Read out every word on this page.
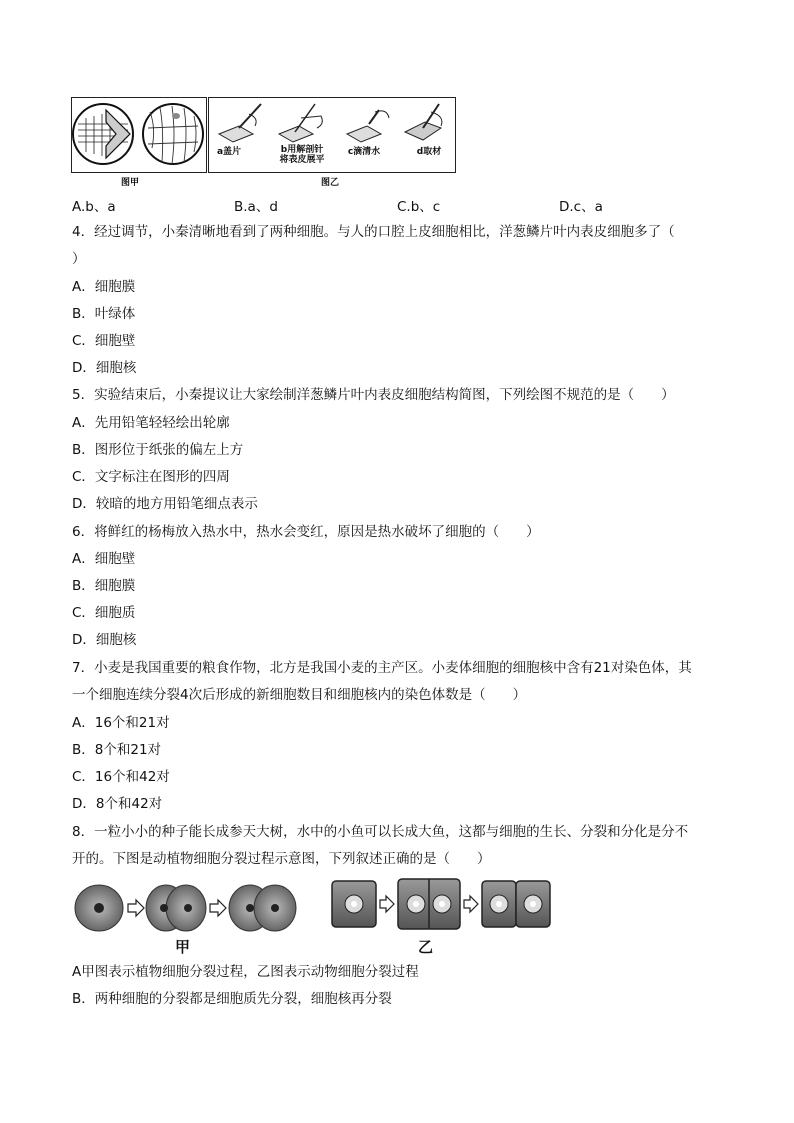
图甲
a盖片	b用解剖针
将表皮展平
c滴清水	d取材
图乙
A.b、a	B.a、d	C.b、c	D.c、a
4．经过调节，小秦清晰地看到了两种细胞。与人的口腔上皮细胞相比，洋葱鳞片叶内表皮细胞多了（
）
A．细胞膜
B．叶绿体
C．细胞壁
D．细胞核
5．实验结束后，小秦提议让大家绘制洋葱鳞片叶内表皮细胞结构简图，下列绘图不规范的是（　　）
A．先用铅笔轻轻绘出轮廓
B．图形位于纸张的偏左上方
C．文字标注在图形的四周
D．较暗的地方用铅笔细点表示
6．将鲜红的杨梅放入热水中，热水会变红，原因是热水破坏了细胞的（　　）
A．细胞壁
B．细胞膜
C．细胞质
D．细胞核
7．小麦是我国重要的粮食作物，北方是我国小麦的主产区。小麦体细胞的细胞核中含有21对染色体，其
一个细胞连续分裂4次后形成的新细胞数目和细胞核内的染色体数是（　　）
A．16个和21对
B．8个和21对
C．16个和42对
D．8个和42对
8．一粒小小的种子能长成参天大树，水中的小鱼可以长成大鱼，这都与细胞的生长、分裂和分化是分不
开的。下图是动植物细胞分裂过程示意图，下列叙述正确的是（　　）
甲	乙
A甲图表示植物细胞分裂过程，乙图表示动物细胞分裂过程
B．两种细胞的分裂都是细胞质先分裂，细胞核再分裂
